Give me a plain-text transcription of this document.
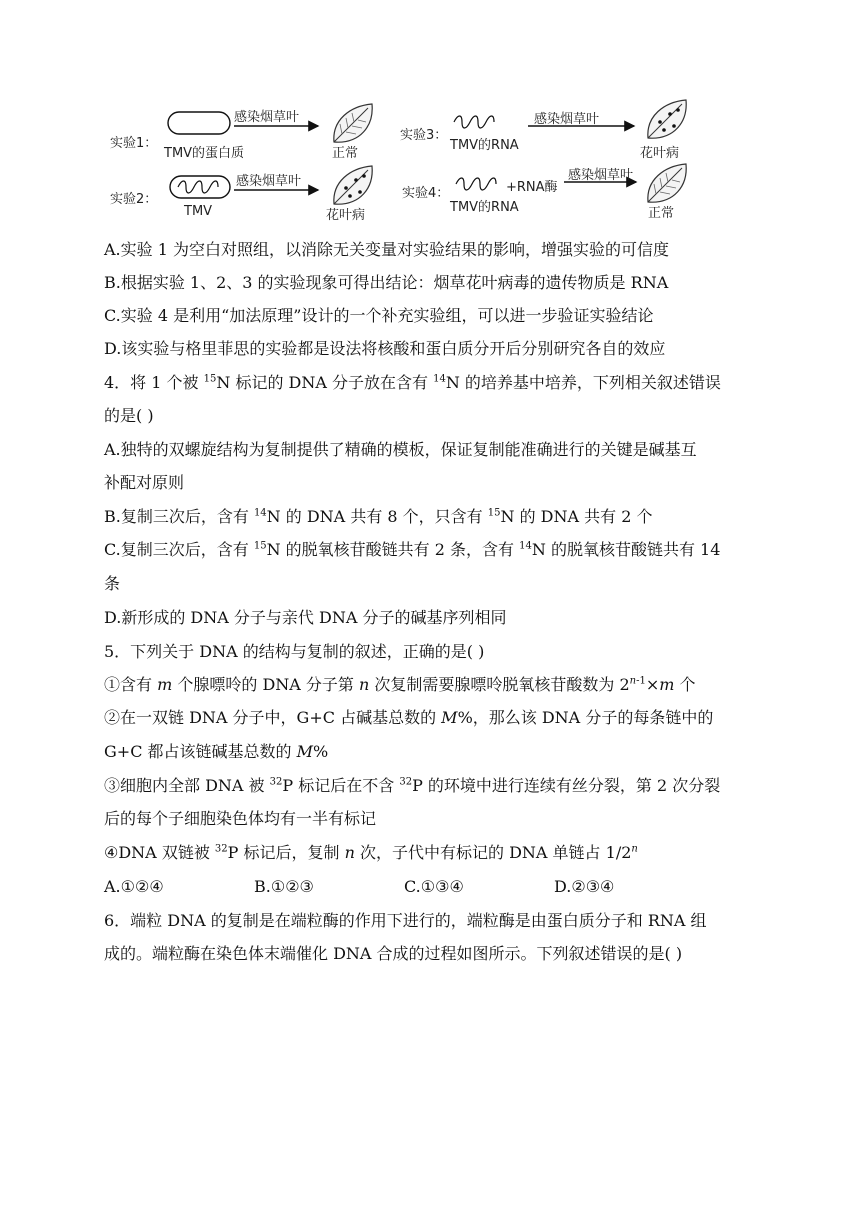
实验1：
TMV的蛋白质
感染烟草叶
正常
实验2：
TMV
感染烟草叶
花叶病
实验3：
TMV的RNA
感染烟草叶
花叶病
实验4：
TMV的RNA
+RNA酶
感染烟草叶
正常
A.实验 1 为空白对照组，以消除无关变量对实验结果的影响，增强实验的可信度
B.根据实验 1、2、3 的实验现象可得出结论：烟草花叶病毒的遗传物质是 RNA
C.实验 4 是利用“加法原理”设计的一个补充实验组，可以进一步验证实验结论
D.该实验与格里菲思的实验都是设法将核酸和蛋白质分开后分别研究各自的效应
4．将 1 个被 $^{15}$N 标记的 DNA 分子放在含有 $^{14}$N 的培养基中培养，下列相关叙述错误
的是( )
A.独特的双螺旋结构为复制提供了精确的模板，保证复制能准确进行的关键是碱基互
补配对原则
B.复制三次后，含有 $^{14}$N 的 DNA 共有 8 个，只含有 $^{15}$N 的 DNA 共有 2 个
C.复制三次后，含有 $^{15}$N 的脱氧核苷酸链共有 2 条，含有 $^{14}$N 的脱氧核苷酸链共有 14
条
D.新形成的 DNA 分子与亲代 DNA 分子的碱基序列相同
5．下列关于 DNA 的结构与复制的叙述，正确的是( )
①含有 m 个腺嘌呤的 DNA 分子第 n 次复制需要腺嘌呤脱氧核苷酸数为 $2^{n-1}\times m$ 个
②在一双链 DNA 分子中，G+C 占碱基总数的 M%，那么该 DNA 分子的每条链中的
G+C 都占该链碱基总数的 M%
③细胞内全部 DNA 被 $^{32}$P 标记后在不含 $^{32}$P 的环境中进行连续有丝分裂，第 2 次分裂
后的每个子细胞染色体均有一半有标记
④DNA 双链被 $^{32}$P 标记后，复制 n 次，子代中有标记的 DNA 单链占 1/2$^n$
A.①②④	B.①②③	C.①③④	D.②③④
6．端粒 DNA 的复制是在端粒酶的作用下进行的，端粒酶是由蛋白质分子和 RNA 组
成的。端粒酶在染色体末端催化 DNA 合成的过程如图所示。下列叙述错误的是( )
